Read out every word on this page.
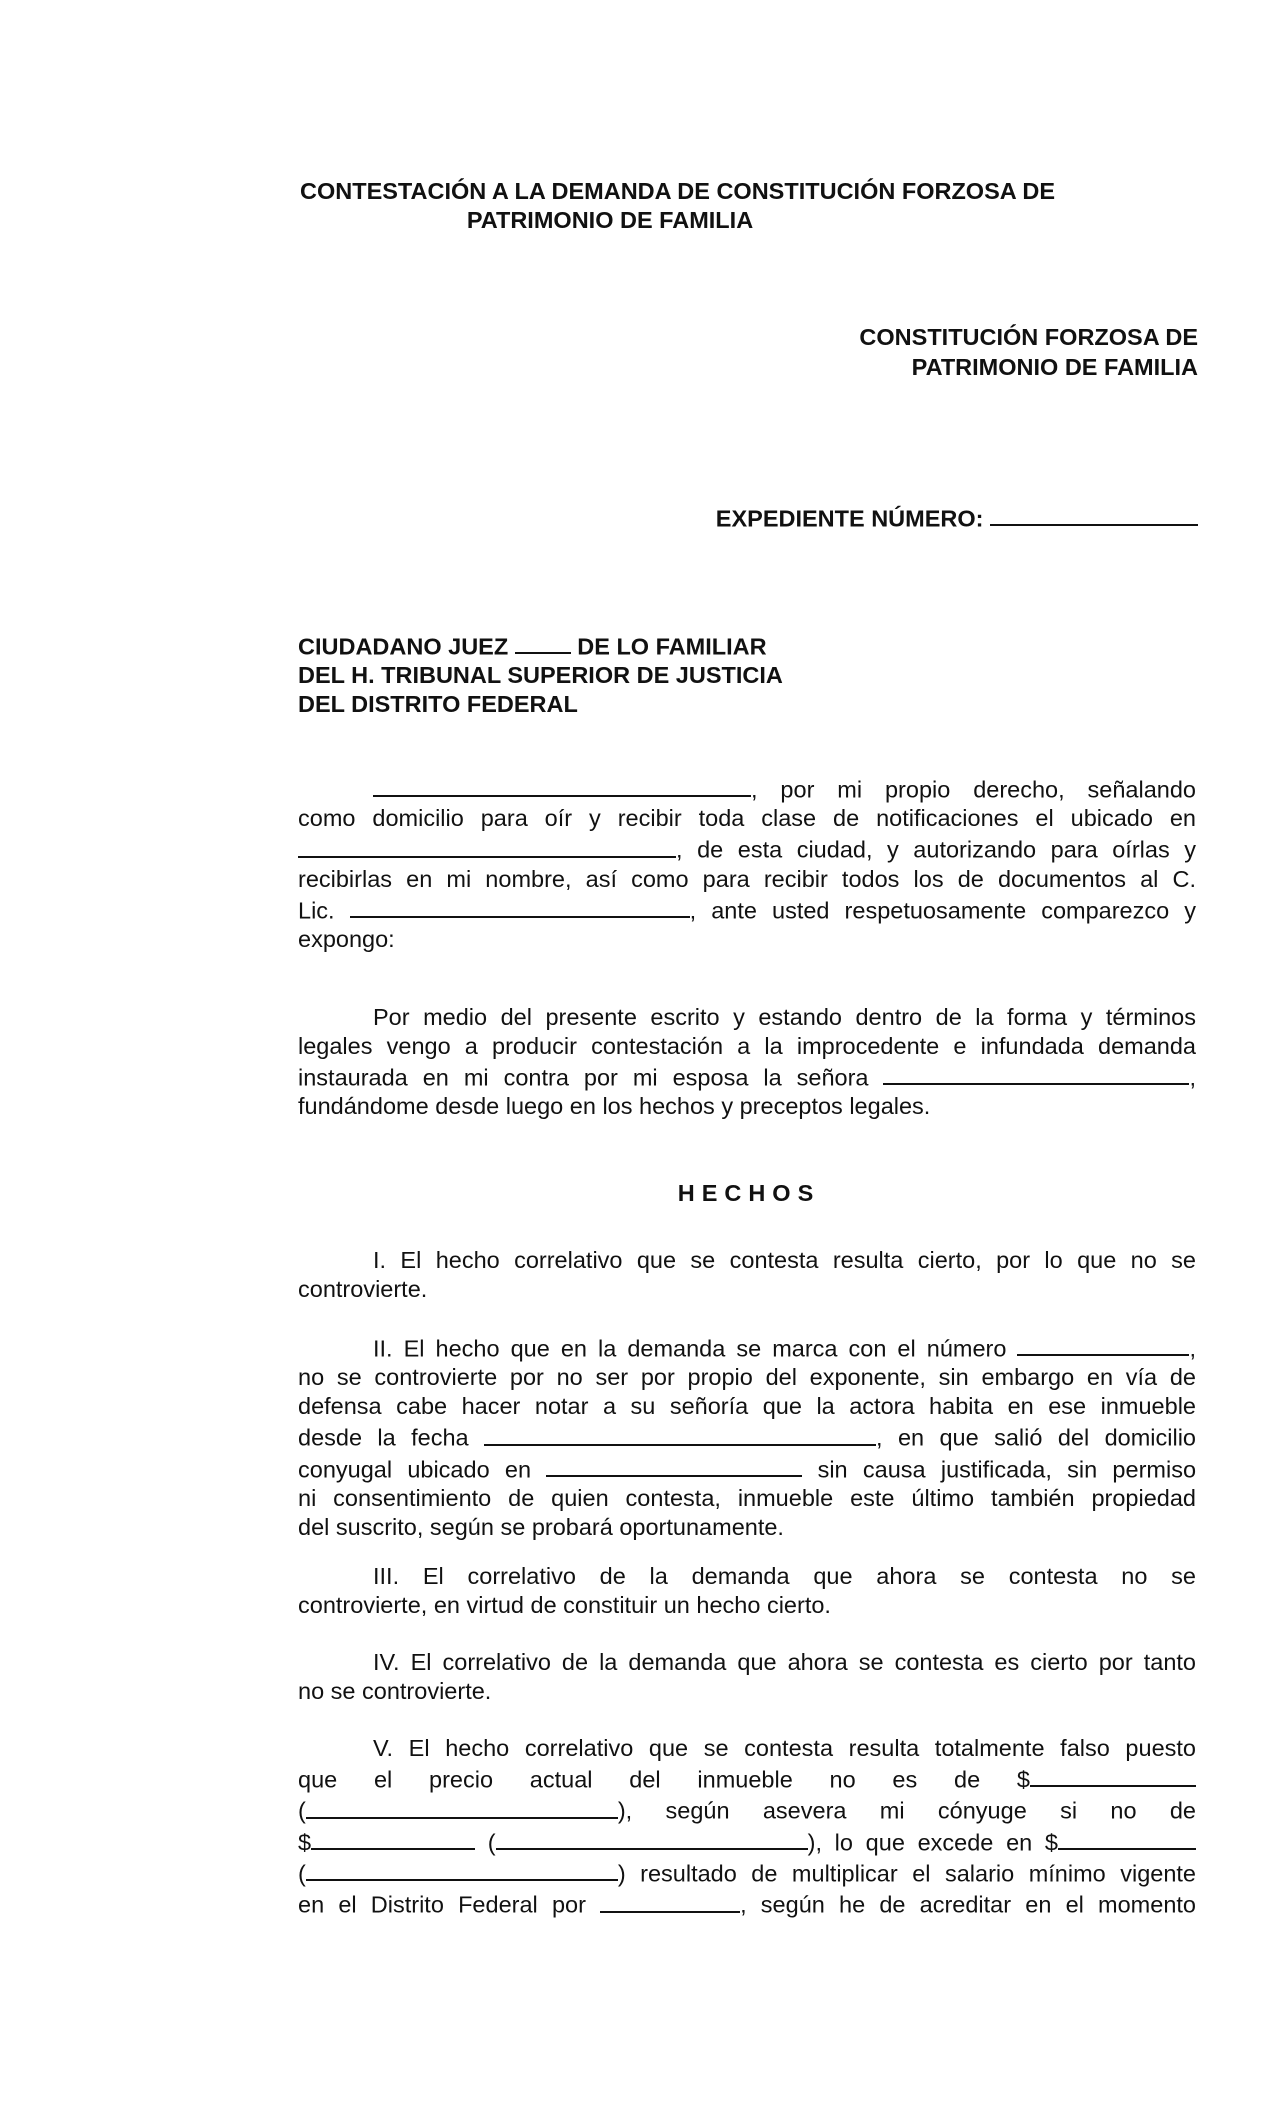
CONTESTACIÓN A LA DEMANDA DE CONSTITUCIÓN FORZOSA DE
PATRIMONIO DE FAMILIA
CONSTITUCIÓN FORZOSA DE
PATRIMONIO DE FAMILIA
EXPEDIENTE NÚMERO:
CIUDADANO JUEZ	DE LO FAMILIAR
DEL H. TRIBUNAL SUPERIOR DE JUSTICIA
DEL DISTRITO FEDERAL
, por mi propio derecho, señalando
como domicilio para oír y recibir toda clase de notificaciones el ubicado en
, de esta ciudad, y autorizando para oírlas y
recibirlas en mi nombre, así como para recibir todos los de documentos al C.
Lic.	, ante usted respetuosamente comparezco y
expongo:
Por medio del presente escrito y estando dentro de la forma y términos
legales vengo a producir contestación a la improcedente e infundada demanda
instaurada en mi contra por mi esposa la señora	,
fundándome desde luego en los hechos y preceptos legales.
HECHOS
I. El hecho correlativo que se contesta resulta cierto, por lo que no se
controvierte.
II. El hecho que en la demanda se marca con el número	,
no se controvierte por no ser por propio del exponente, sin embargo en vía de
defensa cabe hacer notar a su señoría que la actora habita en ese inmueble
desde la fecha	, en que salió del domicilio
conyugal ubicado en	sin causa justificada, sin permiso
ni consentimiento de quien contesta, inmueble este último también propiedad
del suscrito, según se probará oportunamente.
III. El correlativo de la demanda que ahora se contesta no se
controvierte, en virtud de constituir un hecho cierto.
IV. El correlativo de la demanda que ahora se contesta es cierto por tanto
no se controvierte.
V. El hecho correlativo que se contesta resulta totalmente falso puesto
que el precio actual del inmueble no es de $
(	), según asevera mi cónyuge si no de
$	(	), lo que excede en $
(	) resultado de multiplicar el salario mínimo vigente
en el Distrito Federal por	, según he de acreditar en el momento
